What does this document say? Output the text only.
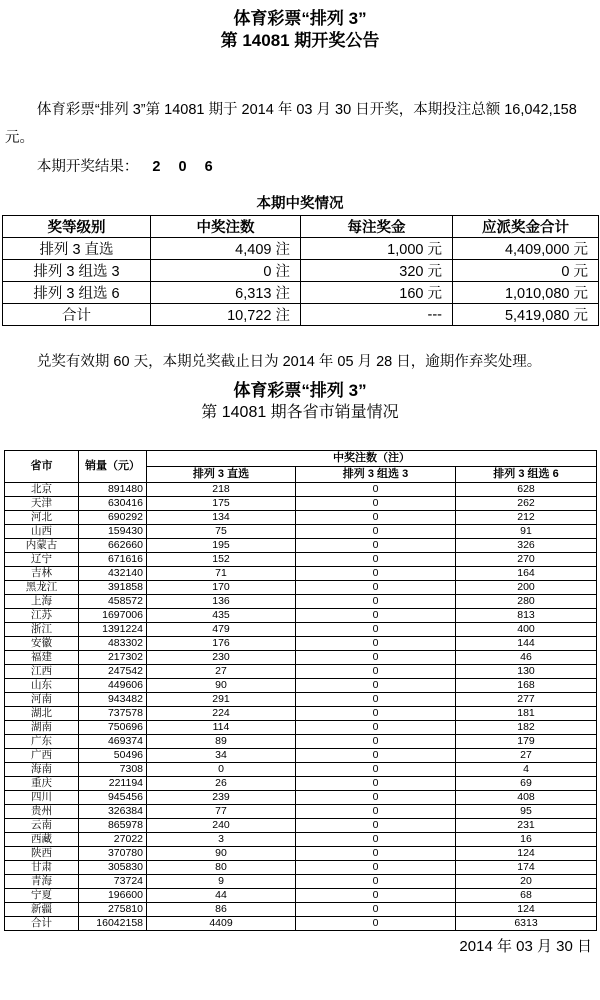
体育彩票“排列 3”
第 14081 期开奖公告

体育彩票“排列 3”第 14081 期于 2014 年 03 月 30 日开奖，本期投注总额 16,042,158 元。

本期开奖结果： 2 0 6

本期中奖情况
奖等级别	中奖注数	每注奖金	应派奖金合计
排列 3 直选	4,409 注	1,000 元	4,409,000 元
排列 3 组选 3	0 注	320 元	0 元
排列 3 组选 6	6,313 注	160 元	1,010,080 元
合计	10,722 注	---	5,419,080 元

兑奖有效期 60 天，本期兑奖截止日为 2014 年 05 月 28 日，逾期作弃奖处理。

体育彩票“排列 3”
第 14081 期各省市销量情况
省市	销量（元）	中奖注数（注）		
		排列 3 直选	排列 3 组选 3	排列 3 组选 6
北京	891480	218	0	628
天津	630416	175	0	262
河北	690292	134	0	212
山西	159430	75	0	91
内蒙古	662660	195	0	326
辽宁	671616	152	0	270
吉林	432140	71	0	164
黑龙江	391858	170	0	200
上海	458572	136	0	280
江苏	1697006	435	0	813
浙江	1391224	479	0	400
安徽	483302	176	0	144
福建	217302	230	0	46
江西	247542	27	0	130
山东	449606	90	0	168
河南	943482	291	0	277
湖北	737578	224	0	181
湖南	750696	114	0	182
广东	469374	89	0	179
广西	50496	34	0	27
海南	7308	0	0	4
重庆	221194	26	0	69
四川	945456	239	0	408
贵州	326384	77	0	95
云南	865978	240	0	231
西藏	27022	3	0	16
陕西	370780	90	0	124
甘肃	305830	80	0	174
青海	73724	9	0	20
宁夏	196600	44	0	68
新疆	275810	86	0	124
合计	16042158	4409	0	6313
2014 年 03 月 30 日
